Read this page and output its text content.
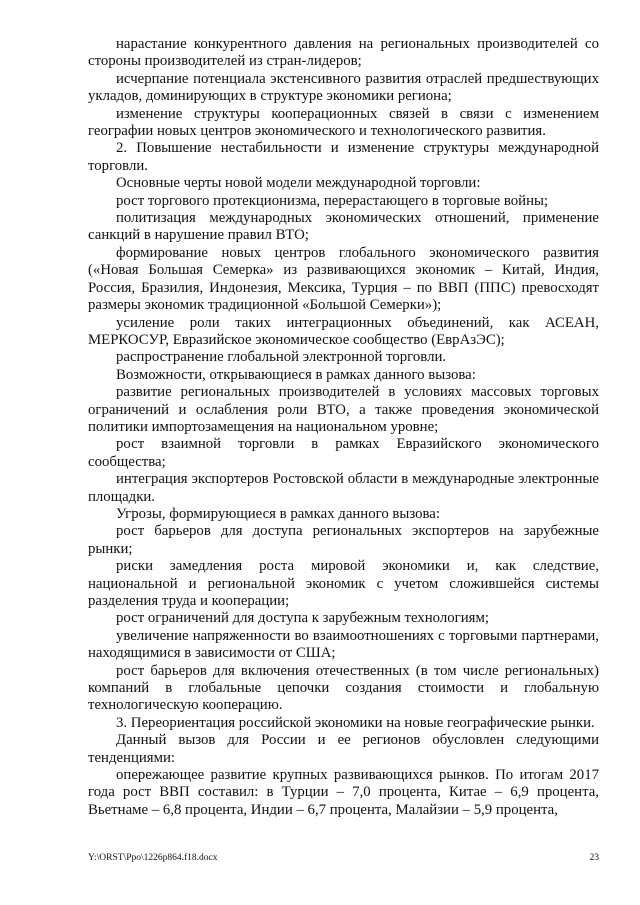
нарастание конкурентного давления на региональных производителей со стороны производителей из стран-лидеров;

исчерпание потенциала экстенсивного развития отраслей предшествующих укладов, доминирующих в структуре экономики региона;

изменение структуры кооперационных связей в связи с изменением географии новых центров экономического и технологического развития.

2. Повышение нестабильности и изменение структуры международной торговли.

Основные черты новой модели международной торговли:

рост торгового протекционизма, перерастающего в торговые войны;

политизация международных экономических отношений, применение санкций в нарушение правил ВТО;

формирование новых центров глобального экономического развития («Новая Большая Семерка» из развивающихся экономик – Китай, Индия, Россия, Бразилия, Индонезия, Мексика, Турция – по ВВП (ППС) превосходят размеры экономик традиционной «Большой Семерки»);

усиление роли таких интеграционных объединений, как АСЕАН, МЕРКОСУР, Евразийское экономическое сообщество (ЕврАзЭС);

распространение глобальной электронной торговли.

Возможности, открывающиеся в рамках данного вызова:

развитие региональных производителей в условиях массовых торговых ограничений и ослабления роли ВТО, а также проведения экономической политики импортозамещения на национальном уровне;

рост взаимной торговли в рамках Евразийского экономического сообщества;

интеграция экспортеров Ростовской области в международные электронные площадки.

Угрозы, формирующиеся в рамках данного вызова:

рост барьеров для доступа региональных экспортеров на зарубежные рынки;

риски замедления роста мировой экономики и, как следствие, национальной и региональной экономик с учетом сложившейся системы разделения труда и кооперации;

рост ограничений для доступа к зарубежным технологиям;

увеличение напряженности во взаимоотношениях с торговыми партнерами, находящимися в зависимости от США;

рост барьеров для включения отечественных (в том числе региональных) компаний в глобальные цепочки создания стоимости и глобальную технологическую кооперацию.

3. Переориентация российской экономики на новые географические рынки.

Данный вызов для России и ее регионов обусловлен следующими тенденциями:

опережающее развитие крупных развивающихся рынков. По итогам 2017 года рост ВВП составил: в Турции – 7,0 процента, Китае – 6,9 процента, Вьетнаме – 6,8 процента, Индии – 6,7 процента, Малайзии – 5,9 процента,

Y:\ORST\Ppo\1226p864.f18.docx	23
